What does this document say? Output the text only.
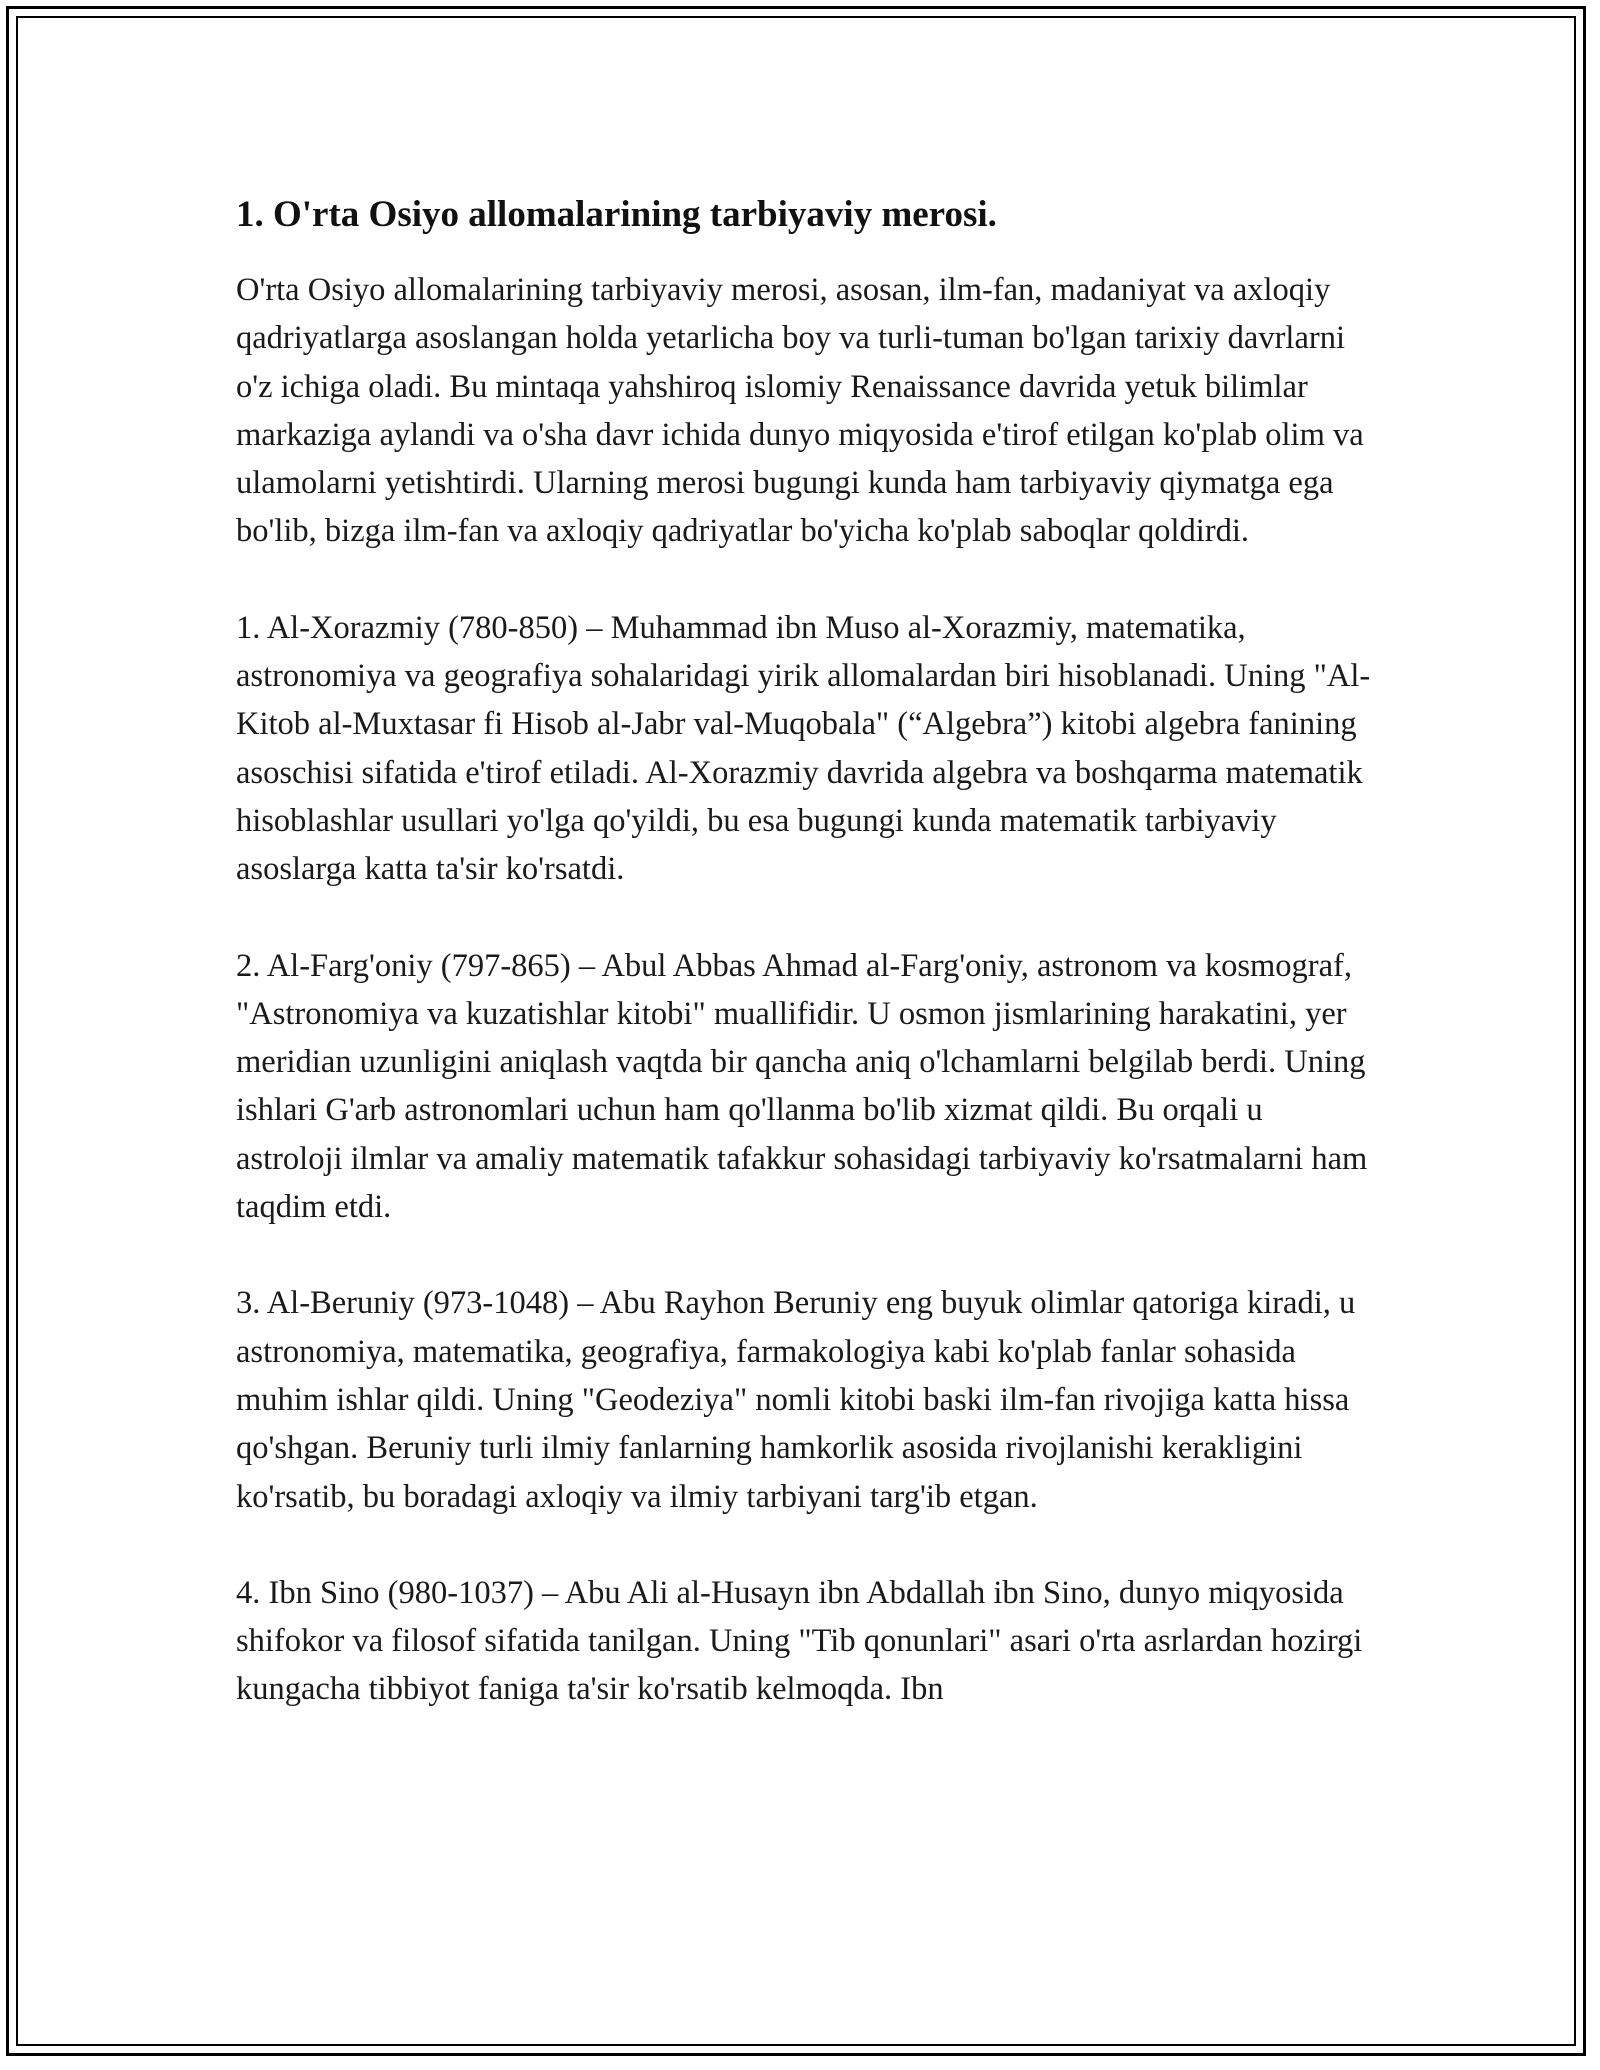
1. O'rta Osiyo allomalarining tarbiyaviy merosi.

O'rta Osiyo allomalarining tarbiyaviy merosi, asosan, ilm-fan, madaniyat va axloqiy qadriyatlarga asoslangan holda yetarlicha boy va turli-tuman bo'lgan tarixiy davrlarni o'z ichiga oladi. Bu mintaqa yahshiroq islomiy Renaissance davrida yetuk bilimlar markaziga aylandi va o'sha davr ichida dunyo miqyosida e'tirof etilgan ko'plab olim va ulamolarni yetishtirdi. Ularning merosi bugungi kunda ham tarbiyaviy qiymatga ega bo'lib, bizga ilm-fan va axloqiy qadriyatlar bo'yicha ko'plab saboqlar qoldirdi.

1. Al-Xorazmiy (780-850) – Muhammad ibn Muso al-Xorazmiy, matematika, astronomiya va geografiya sohalaridagi yirik allomalardan biri hisoblanadi. Uning "Al-Kitob al-Muxtasar fi Hisob al-Jabr val-Muqobala" (“Algebra”) kitobi algebra fanining asoschisi sifatida e'tirof etiladi. Al-Xorazmiy davrida algebra va boshqarma matematik hisoblashlar usullari yo'lga qo'yildi, bu esa bugungi kunda matematik tarbiyaviy asoslarga katta ta'sir ko'rsatdi.

2. Al-Farg'oniy (797-865) – Abul Abbas Ahmad al-Farg'oniy, astronom va kosmograf, "Astronomiya va kuzatishlar kitobi" muallifidir. U osmon jismlarining harakatini, yer meridian uzunligini aniqlash vaqtda bir qancha aniq o'lchamlarni belgilab berdi. Uning ishlari G'arb astronomlari uchun ham qo'llanma bo'lib xizmat qildi. Bu orqali u astroloji ilmlar va amaliy matematik tafakkur sohasidagi tarbiyaviy ko'rsatmalarni ham taqdim etdi.

3. Al-Beruniy (973-1048) – Abu Rayhon Beruniy eng buyuk olimlar qatoriga kiradi, u astronomiya, matematika, geografiya, farmakologiya kabi ko'plab fanlar sohasida muhim ishlar qildi. Uning "Geodeziya" nomli kitobi baski ilm-fan rivojiga katta hissa qo'shgan. Beruniy turli ilmiy fanlarning hamkorlik asosida rivojlanishi kerakligini ko'rsatib, bu boradagi axloqiy va ilmiy tarbiyani targ'ib etgan.

4. Ibn Sino (980-1037) – Abu Ali al-Husayn ibn Abdallah ibn Sino, dunyo miqyosida shifokor va filosof sifatida tanilgan. Uning "Tib qonunlari" asari o'rta asrlardan hozirgi kungacha tibbiyot faniga ta'sir ko'rsatib kelmoqda. Ibn
